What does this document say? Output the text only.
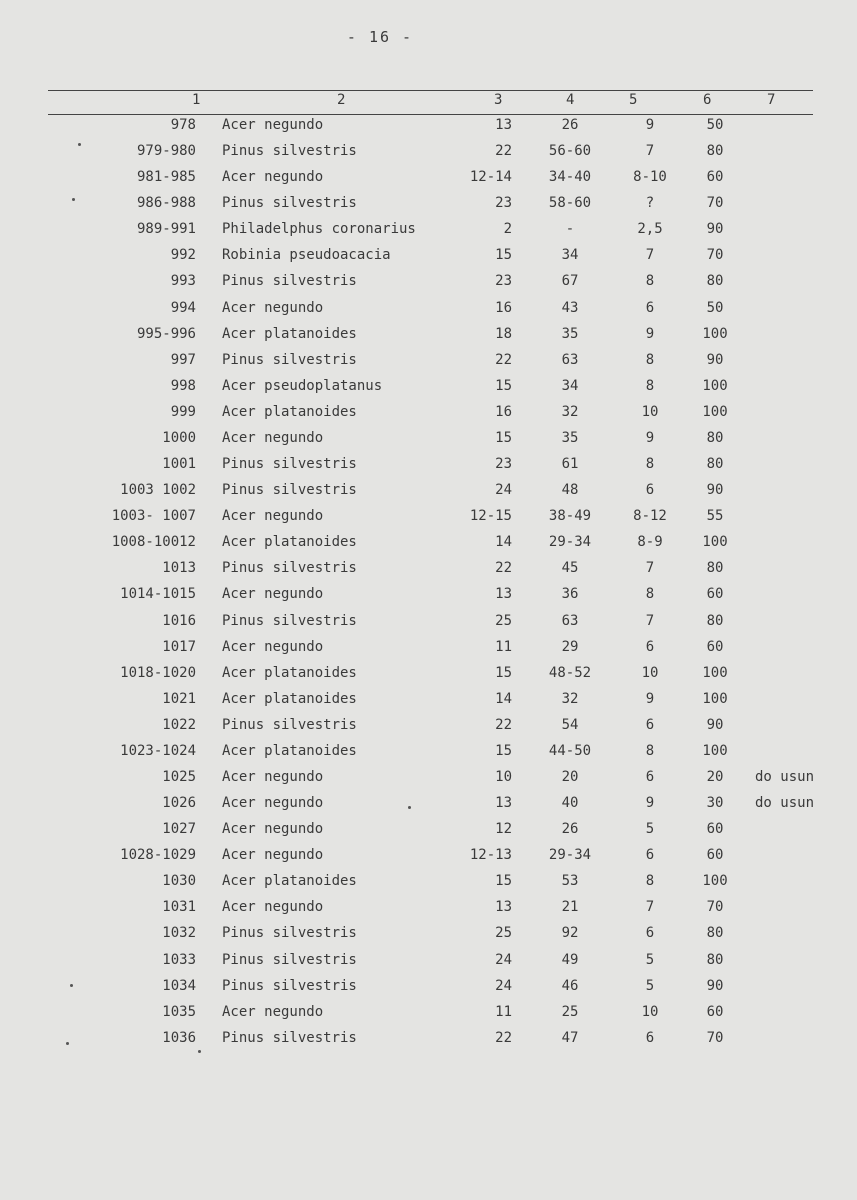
- 16 -
1	2	3	4	5	6	7
978 Acer negundo	13	26	9	50
979-980 Pinus silvestris	22	56-60	7	80
981-985 Acer negundo	12-14	34-40	8-10	60
986-988 Pinus silvestris	23	58-60	?	70
989-991 Philadelphus coronarius	2	-	2,5	90
992 Robinia pseudoacacia	15	34	7	70
993 Pinus silvestris	23	67	8	80
994 Acer negundo	16	43	6	50
995-996 Acer platanoides	18	35	9	100
997 Pinus silvestris	22	63	8	90
998 Acer pseudoplatanus	15	34	8	100
999 Acer platanoides	16	32	10	100
1000 Acer negundo	15	35	9	80
1001 Pinus silvestris	23	61	8	80
1003 1002 Pinus silvestris	24	48	6	90
1003- 1007 Acer negundo	12-15	38-49	8-12	55
1008-10012 Acer platanoides	14	29-34	8-9	100
1013 Pinus silvestris	22	45	7	80
1014-1015 Acer negundo	13	36	8	60
1016 Pinus silvestris	25	63	7	80
1017 Acer negundo	11	29	6	60
1018-1020 Acer platanoides	15	48-52	10	100
1021 Acer platanoides	14	32	9	100
1022 Pinus silvestris	22	54	6	90
1023-1024 Acer platanoides	15	44-50	8	100
1025 Acer negundo	10	20	6	20	do usun
1026 Acer negundo	13	40	9	30	do usun
1027 Acer negundo	12	26	5	60
1028-1029 Acer negundo	12-13	29-34	6	60
1030 Acer platanoides	15	53	8	100
1031 Acer negundo	13	21	7	70
1032 Pinus silvestris	25	92	6	80
1033 Pinus silvestris	24	49	5	80
1034 Pinus silvestris	24	46	5	90
1035 Acer negundo	11	25	10	60
1036 Pinus silvestris	22	47	6	70
